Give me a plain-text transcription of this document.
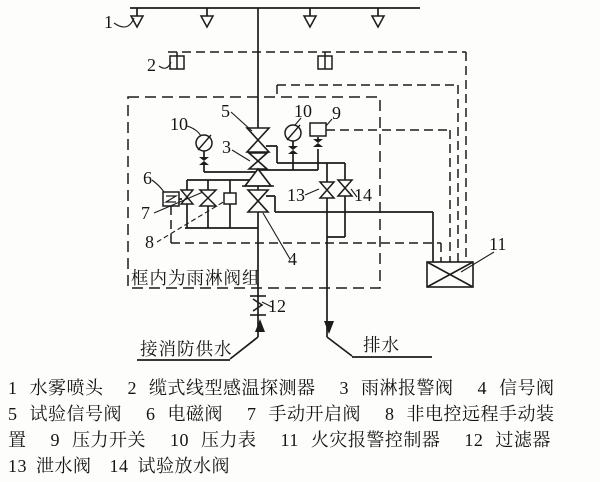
1
2
5
10
3
10 9
6
7
8
13	14
4
12
11
框内为雨淋阀组
接消防供水	排水
1 水雾喷头  2 缆式线型感温探测器  3 雨淋报警阀  4 信号阀
5 试验信号阀  6 电磁阀  7 手动开启阀  8 非电控远程手动装
置  9 压力开关  10 压力表  11 火灾报警控制器  12 过滤器
13 泄水阀  14 试验放水阀
